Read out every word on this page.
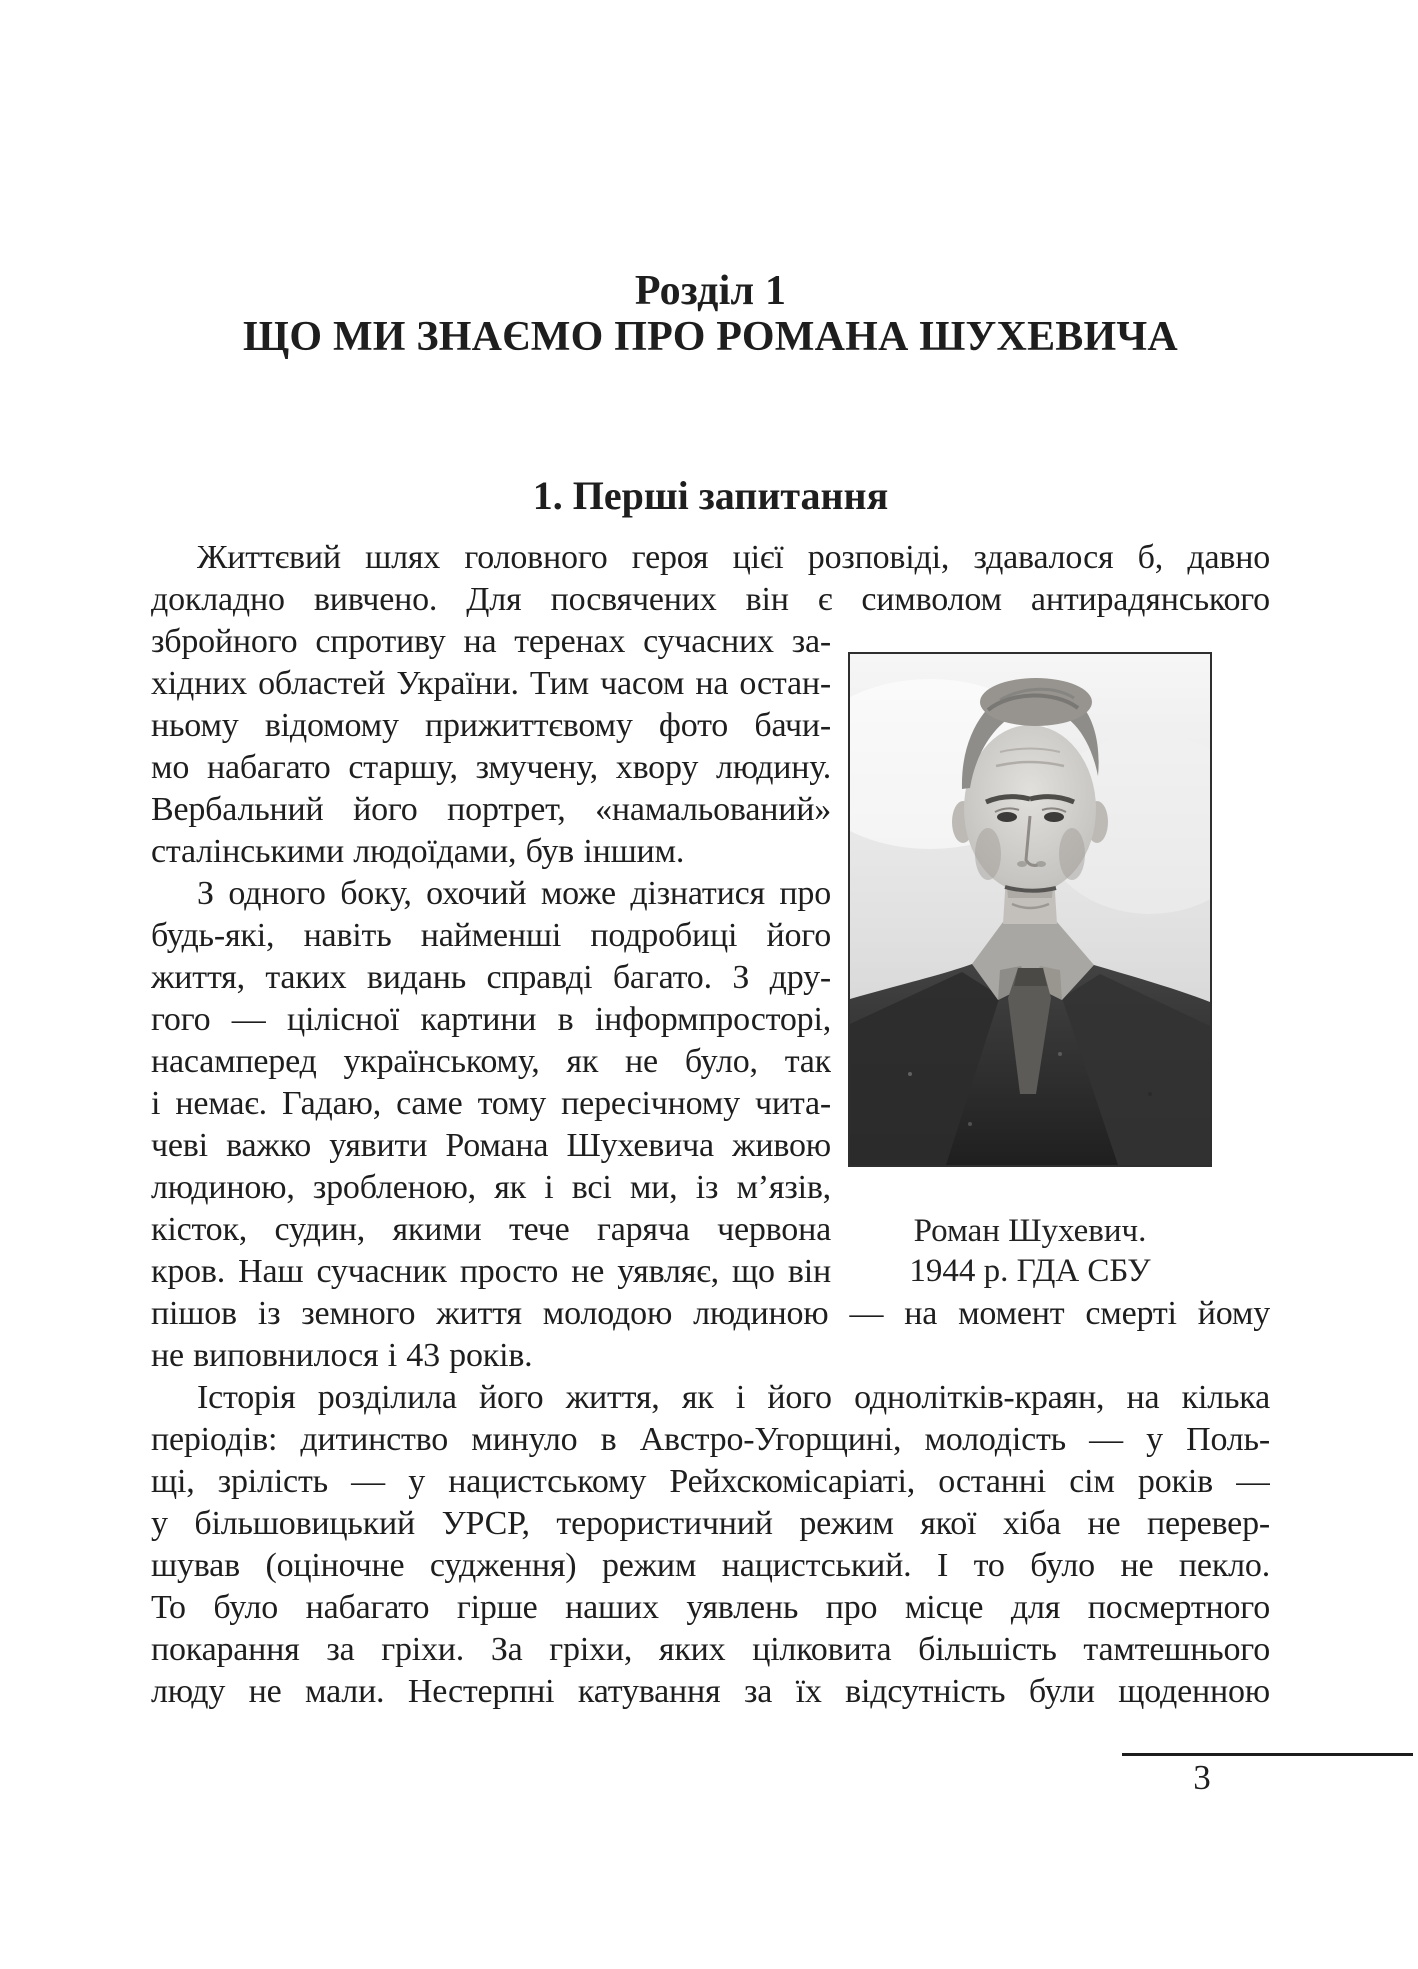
Розділ 1
ЩО МИ ЗНАЄМО ПРО РОМАНА ШУХЕВИЧА
1. Перші запитання
Життєвий шлях головного героя цієї розповіді, здавалося б, давно
докладно вивчено. Для посвячених він є символом антирадянського
збройного спротиву на теренах сучасних за-
хідних областей України. Тим часом на остан-
ньому відомому прижиттєвому фото бачи-
мо набагато старшу, змучену, хвору людину.
Вербальний його портрет, «намальований»
сталінськими людоїдами, був іншим.
З одного боку, охочий може дізнатися про
будь-які, навіть найменші подробиці його
життя, таких видань справді багато. З дру-
гого — цілісної картини в інформпросторі,
насамперед українському, як не було, так
і немає. Гадаю, саме тому пересічному чита-
чеві важко уявити Романа Шухевича живою
людиною, зробленою, як і всі ми, із м’язів,
кісток, судин, якими тече гаряча червона
кров. Наш сучасник просто не уявляє, що він
пішов із земного життя молодою людиною — на момент смерті йому
не виповнилося і 43 років.
Історія розділила його життя, як і його однолітків-краян, на кілька
періодів: дитинство минуло в Австро-Угорщині, молодість — у Поль-
щі, зрілість — у нацистському Рейхскомісаріаті, останні сім років —
у більшовицький УРСР, терористичний режим якої хіба не перевер-
шував (оціночне судження) режим нацистський. І то було не пекло.
То було набагато гірше наших уявлень про місце для посмертного
покарання за гріхи. За гріхи, яких цілковита більшість тамтешнього
люду не мали. Нестерпні катування за їх відсутність були щоденною
Роман Шухевич.
1944 р. ГДА СБУ
3
